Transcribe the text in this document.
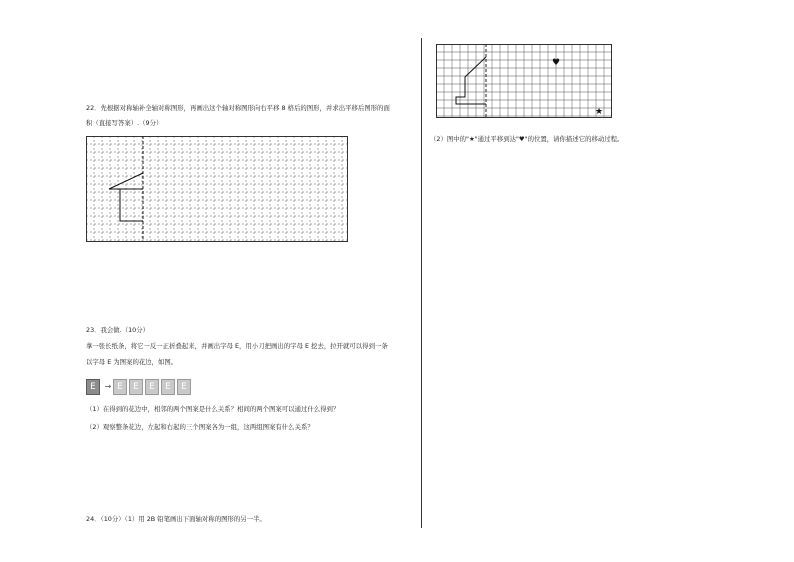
22．先根据对称轴补全轴对称图形，再画出这个轴对称图形向右平移 8 格后的图形，并求出平移后图形的面
积（直接写答案）.（9分）
23．我会做.（10分）
拿一张长纸条，将它一反一正折叠起来，并画出字母 E，用小刀把画出的字母 E 挖去，拉开就可以得到一条
以字母 E 为图案的花边，如图。
E	→ E	E	E	E	E
（1）在得到的花边中，相邻的两个图案是什么关系？相间的两个图案可以通过什么得到？
（2）观察整条花边，左起和右起的三个图案各为一组，这两组图案有什么关系？
24．（10分）（1）用 2B 铅笔画出下面轴对称的图形的另一半。
♥
★
（2）图中的"★"通过平移到达"♥"的位置，请你描述它的移动过程。
